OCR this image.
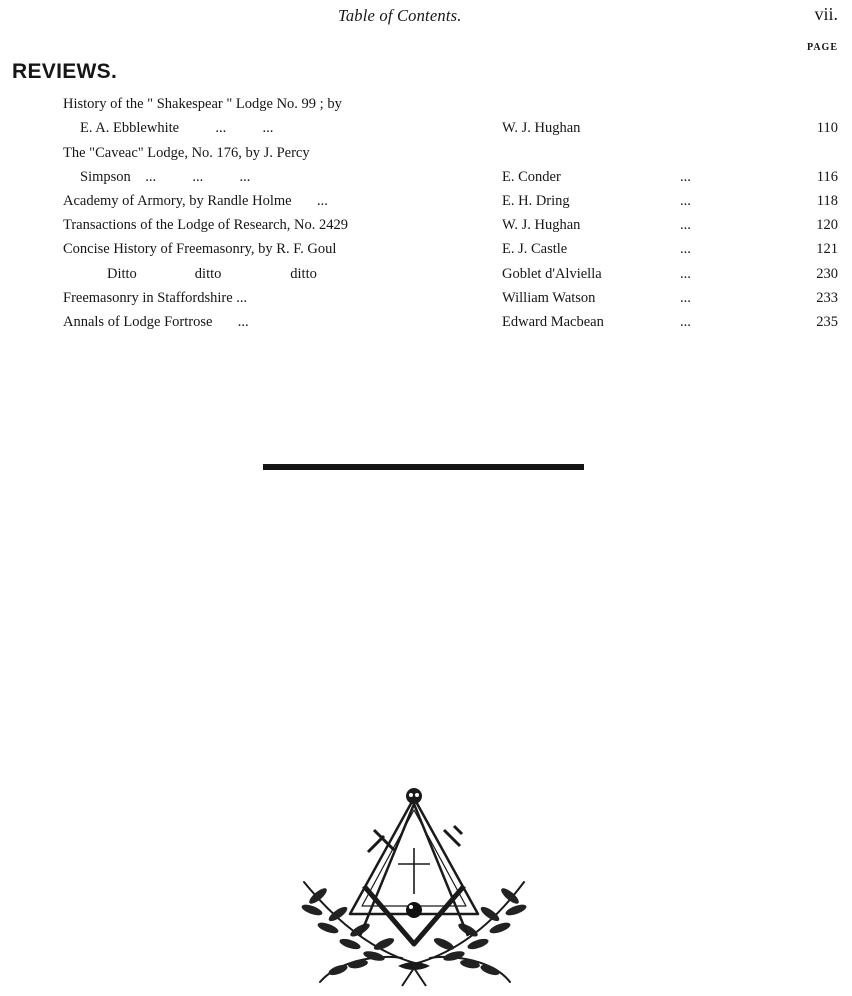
Table of Contents.	vii.
PAGE
REVIEWS.
History of the " Shakespear " Lodge No. 99 ; by
E. A. Ebblewhite          ...          ...	W. J. Hughan	110
The "Caveac" Lodge, No. 176, by J. Percy
Simpson    ...          ...          ...	E. Conder	...	116
Academy of Armory, by Randle Holme       ...	E. H. Dring	...	118
Transactions of the Lodge of Research, No. 2429	W. J. Hughan	...	120
Concise History of Freemasonry, by R. F. Goul	E. J. Castle	...	121
Ditto                ditto                   ditto	Goblet d'Alviella	...	230
Freemasonry in Staffordshire ...	William Watson	...	233
Annals of Lodge Fortrose       ...	Edward Macbean	...	235
